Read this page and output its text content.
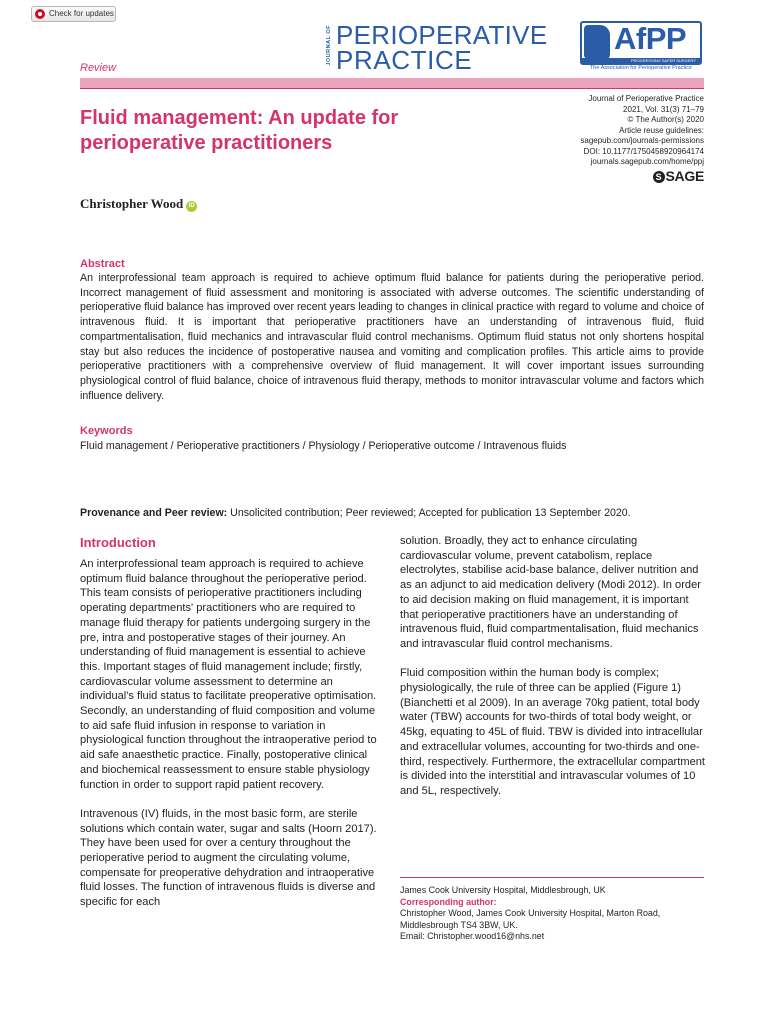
Check for updates
JOURNAL OF PERIOPERATIVE
PRACTICE
AfPP
PROGRESSING SAFER SURGERY
The Association for Perioperative Practice
Review
Fluid management: An update for perioperative practitioners
Journal of Perioperative Practice
2021, Vol. 31(3) 71–79
© The Author(s) 2020
Article reuse guidelines:
sagepub.com/journals-permissions
DOI: 10.1177/1750458920964174
journals.sagepub.com/home/ppj
S SAGE
Christopher Wood iD
Abstract
An interprofessional team approach is required to achieve optimum fluid balance for patients during the perioperative period. Incorrect management of fluid assessment and monitoring is associated with adverse outcomes. The scientific understanding of perioperative fluid balance has improved over recent years leading to changes in clinical practice with regard to volume and choice of intravenous fluid. It is important that perioperative practitioners have an understanding of intravenous fluid, fluid compartmentalisation, fluid mechanics and intravascular fluid control mechanisms. Optimum fluid status not only shortens hospital stay but also reduces the incidence of postoperative nausea and vomiting and complication profiles. This article aims to provide perioperative practitioners with a comprehensive overview of fluid management. It will cover important issues surrounding physiological control of fluid balance, choice of intravenous fluid therapy, methods to monitor intravascular volume and factors which influence delivery.
Keywords
Fluid management / Perioperative practitioners / Physiology / Perioperative outcome / Intravenous fluids
Provenance and Peer review: Unsolicited contribution; Peer reviewed; Accepted for publication 13 September 2020.
Introduction

An interprofessional team approach is required to achieve optimum fluid balance throughout the perioperative period. This team consists of perioperative practitioners including operating departments' practitioners who are required to manage fluid therapy for patients undergoing surgery in the pre, intra and postoperative stages of their journey. An understanding of fluid management is essential to achieve this. Important stages of fluid management include; firstly, cardiovascular volume assessment to determine an individual's fluid status to facilitate preoperative optimisation. Secondly, an understanding of fluid composition and volume to aid safe fluid infusion in response to variation in physiological function throughout the intraoperative period to aid safe anaesthetic practice. Finally, postoperative clinical and biochemical reassessment to ensure stable physiology function in order to support rapid patient recovery.

Intravenous (IV) fluids, in the most basic form, are sterile solutions which contain water, sugar and salts (Hoorn 2017). They have been used for over a century throughout the perioperative period to augment the circulating volume, compensate for preoperative dehydration and intraoperative fluid losses. The function of intravenous fluids is diverse and specific for each

solution. Broadly, they act to enhance circulating cardiovascular volume, prevent catabolism, replace electrolytes, stabilise acid-base balance, deliver nutrition and as an adjunct to aid medication delivery (Modi 2012). In order to aid decision making on fluid management, it is important that perioperative practitioners have an understanding of intravenous fluid, fluid compartmentalisation, fluid mechanics and intravascular fluid control mechanisms.

Fluid composition within the human body is complex; physiologically, the rule of three can be applied (Figure 1) (Bianchetti et al 2009). In an average 70kg patient, total body water (TBW) accounts for two-thirds of total body weight, or 45kg, equating to 45L of fluid. TBW is divided into intracellular and extracellular volumes, accounting for two-thirds and one-third, respectively. Furthermore, the extracellular compartment is divided into the interstitial and intravascular volumes of 10 and 5L, respectively.

James Cook University Hospital, Middlesbrough, UK
Corresponding author:
Christopher Wood, James Cook University Hospital, Marton Road,
Middlesbrough TS4 3BW, UK.
Email: Christopher.wood16@nhs.net
